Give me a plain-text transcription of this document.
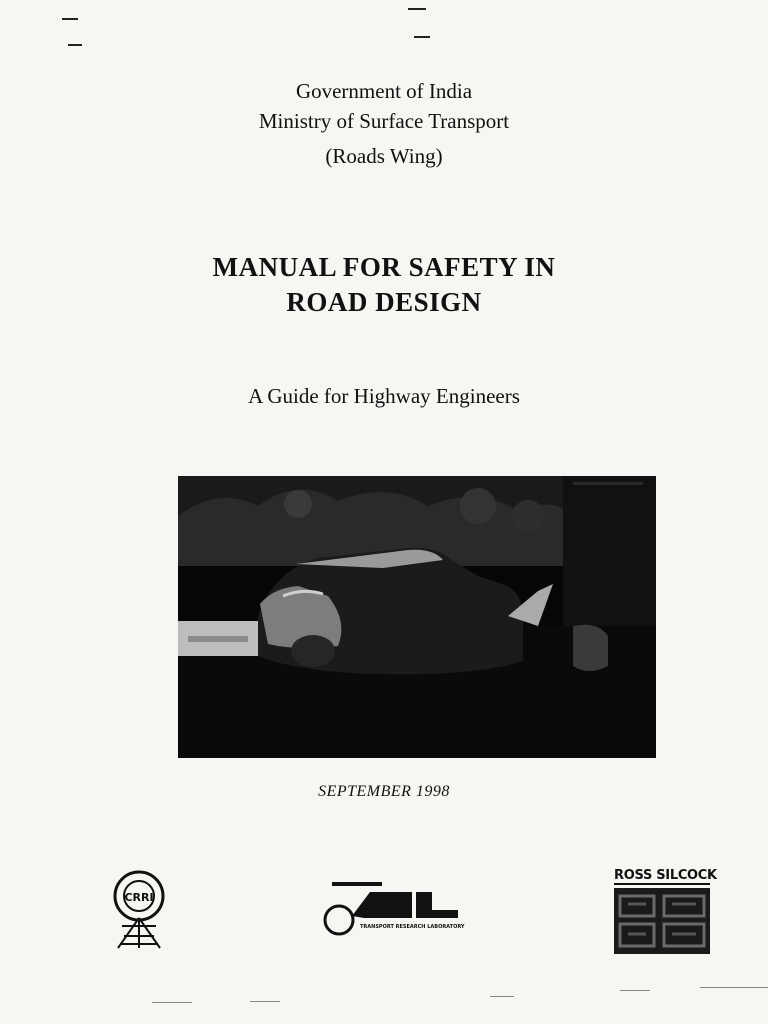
Government of India
Ministry of Surface Transport
(Roads Wing)
MANUAL FOR SAFETY IN
ROAD DESIGN
A Guide for Highway Engineers
SEPTEMBER 1998
CRRI
TRANSPORT RESEARCH LABORATORY
ROSS SILCOCK
